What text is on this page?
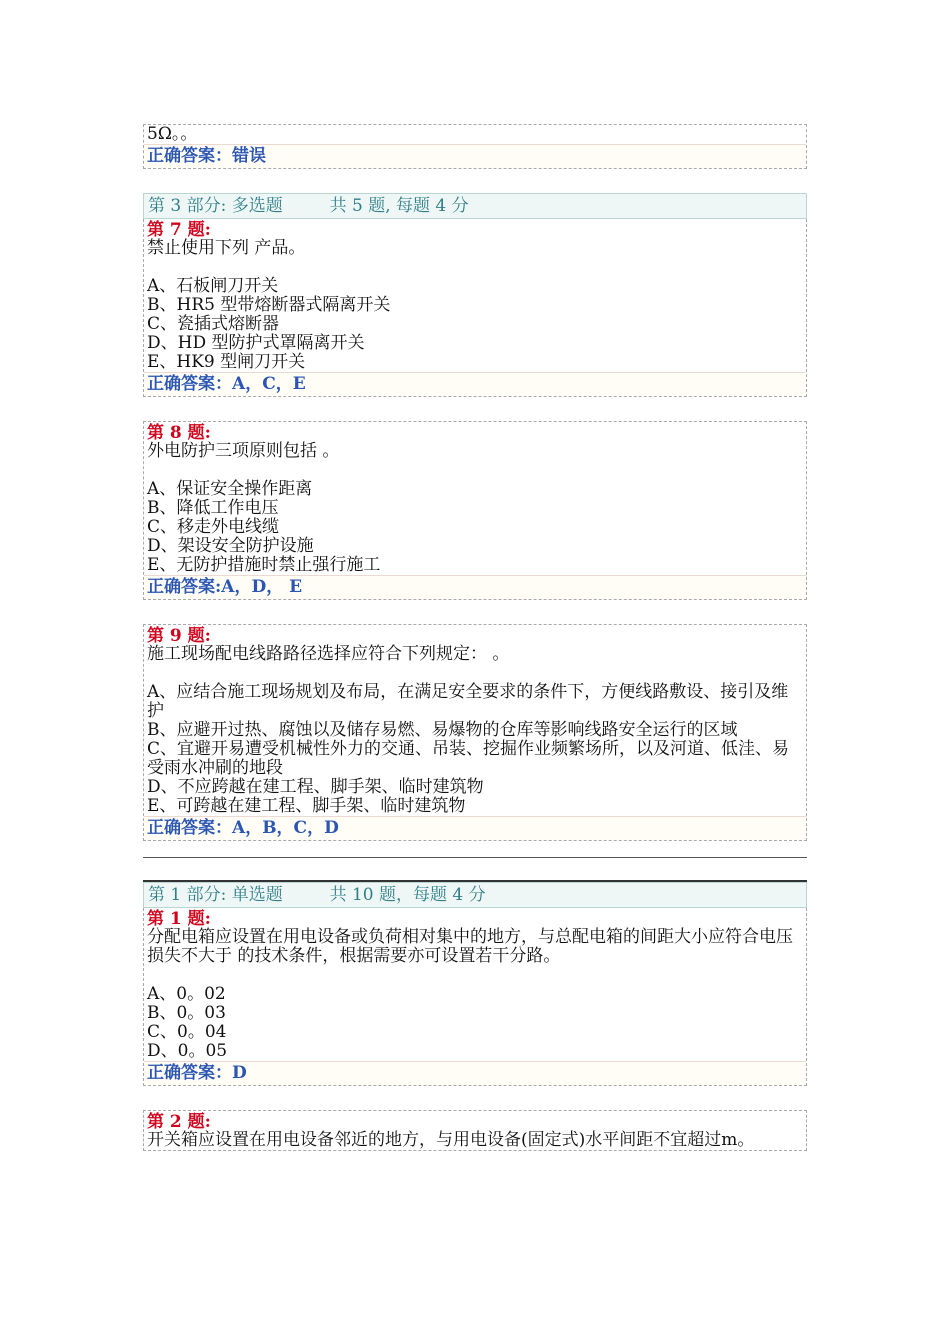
5Ω。。
正确答案：错误
第 3 部分: 多选题	共 5 题, 每题 4 分
第 7 题:
禁止使用下列 产品。
A、石板闸刀开关
B、HR5 型带熔断器式隔离开关
C、瓷插式熔断器
D、HD 型防护式罩隔离开关
E、HK9 型闸刀开关
正确答案：A，C，E
第 8 题:
外电防护三项原则包括 。
A、保证安全操作距离
B、降低工作电压
C、移走外电线缆
D、架设安全防护设施
E、无防护措施时禁止强行施工
正确答案:A，D， E
第 9 题:
施工现场配电线路路径选择应符合下列规定： 。
A、应结合施工现场规划及布局，在满足安全要求的条件下，方便线路敷设、接引及维护
B、应避开过热、腐蚀以及储存易燃、易爆物的仓库等影响线路安全运行的区域
C、宜避开易遭受机械性外力的交通、吊装、挖掘作业频繁场所，以及河道、低洼、易受雨水冲刷的地段
D、不应跨越在建工程、脚手架、临时建筑物
E、可跨越在建工程、脚手架、临时建筑物
正确答案：A，B，C，D
第 1 部分: 单选题	共 10 题，每题 4 分
第 1 题:
分配电箱应设置在用电设备或负荷相对集中的地方，与总配电箱的间距大小应符合电压损失不大于 的技术条件，根据需要亦可设置若干分路。
A、0。02
B、0。03
C、0。04
D、0。05
正确答案：D
第 2 题:
开关箱应设置在用电设备邻近的地方，与用电设备(固定式)水平间距不宜超过m。
